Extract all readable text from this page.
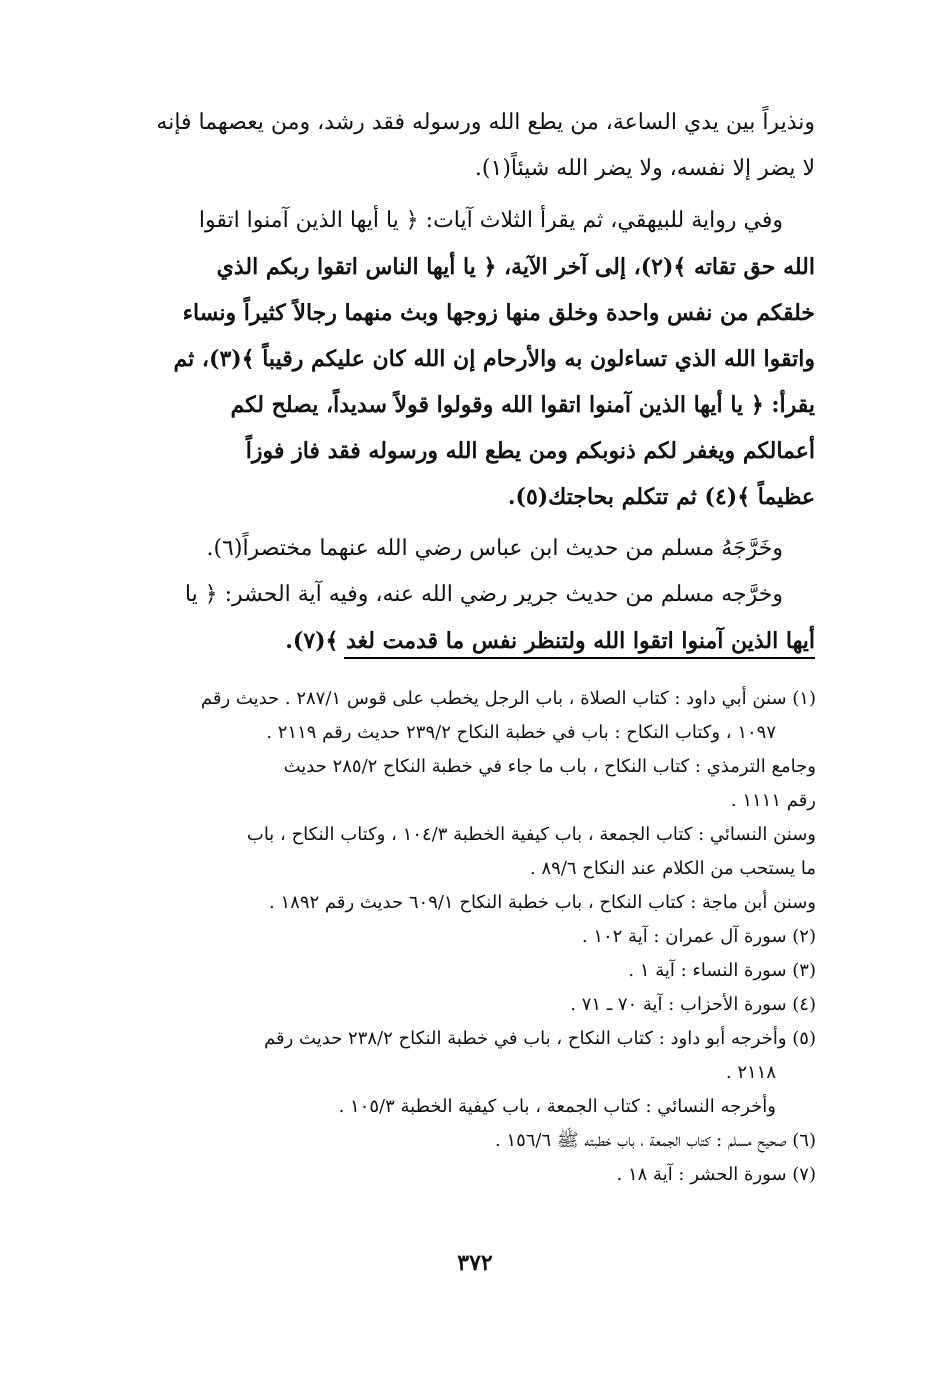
ونذيراً بين يدي الساعة، من يطع الله ورسوله فقد رشد، ومن يعصهما فإنه

لا يضر إلا نفسه، ولا يضر الله شيئاً(١).

وفي رواية للبيهقي، ثم يقرأ الثلاث آيات: ﴿ يا أيها الذين آمنوا اتقوا

الله حق تقاته ﴾(٢)، إلى آخر الآية، ﴿ يا أيها الناس اتقوا ربكم الذي

خلقكم من نفس واحدة وخلق منها زوجها وبث منهما رجالاً كثيراً ونساء

واتقوا الله الذي تساءلون به والأرحام إن الله كان عليكم رقيباً ﴾(٣)، ثم

يقرأ: ﴿ يا أيها الذين آمنوا اتقوا الله وقولوا قولاً سديداً، يصلح لكم

أعمالكم ويغفر لكم ذنوبكم ومن يطع الله ورسوله فقد فاز فوزاً

عظيماً ﴾(٤) ثم تتكلم بحاجتك(٥).

وخَرَّجَهُ مسلم من حديث ابن عباس رضي الله عنهما مختصراً(٦).

وخرَّجه مسلم من حديث جرير رضي الله عنه، وفيه آية الحشر: ﴿ يا

أيها الذين آمنوا اتقوا الله ولتنظر نفس ما قدمت لغد ﴾(٧).

(١) سنن أبي داود : كتاب الصلاة ، باب الرجل يخطب على قوس ٢٨٧/١ . حديث رقم

١٠٩٧ ، وكتاب النكاح : باب في خطبة النكاح ٢٣٩/٢ حديث رقم ٢١١٩ .

وجامع الترمذي : كتاب النكاح ، باب ما جاء في خطبة النكاح ٢٨٥/٢ حديث

رقم ١١١١ .

وسنن النسائي : كتاب الجمعة ، باب كيفية الخطبة ١٠٤/٣ ، وكتاب النكاح ، باب

ما يستحب من الكلام عند النكاح ٨٩/٦ .

وسنن أبن ماجة : كتاب النكاح ، باب خطبة النكاح ٦٠٩/١ حديث رقم ١٨٩٢ .

(٢) سورة آل عمران : آية ١٠٢ .

(٣) سورة النساء : آية ١ .

(٤) سورة الأحزاب : آية ٧٠ ـ ٧١ .

(٥) وأخرجه أبو داود : كتاب النكاح ، باب في خطبة النكاح ٢٣٨/٢ حديث رقم

٢١١٨ .

وأخرجه النسائي : كتاب الجمعة ، باب كيفية الخطبة ١٠٥/٣ .

(٦) صحيح مسلم : كتاب الجمعة ، باب خطبته ﷺ ١٥٦/٦ .

(٧) سورة الحشر : آية ١٨ .

٣٧٢
